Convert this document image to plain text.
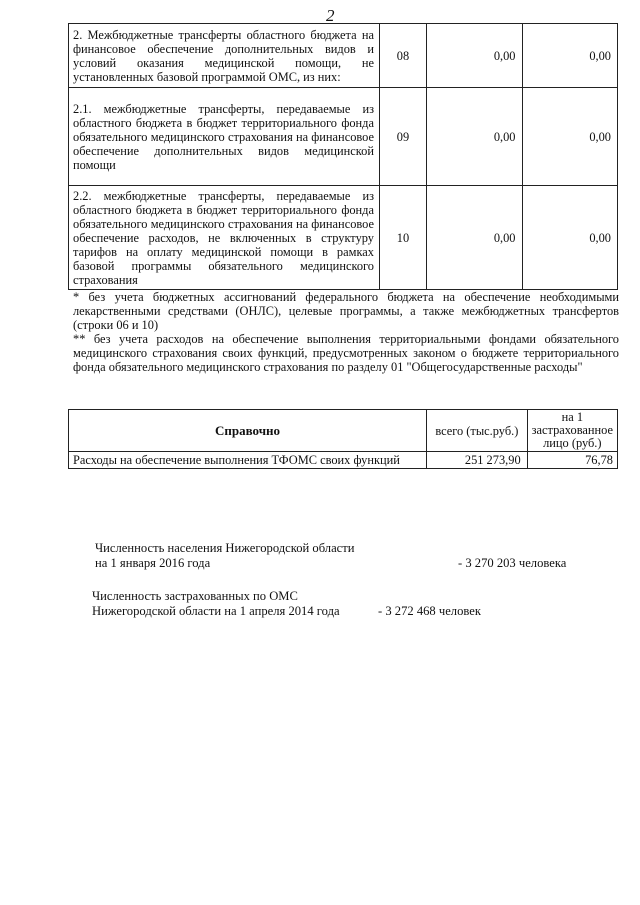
2
2. Межбюджетные трансферты областного бюджета на финансовое обеспечение дополнительных видов и условий оказания медицинской помощи, не установленных базовой программой ОМС, из них:	08	0,00	0,00
2.1. межбюджетные трансферты, передаваемые из областного бюджета в бюджет территориального фонда обязательного медицинского страхования на финансовое обеспечение дополнительных видов медицинской помощи	09	0,00	0,00
2.2. межбюджетные трансферты, передаваемые из областного бюджета в бюджет территориального фонда обязательного медицинского страхования на финансовое обеспечение расходов, не включенных в структуру тарифов на оплату медицинской помощи в рамках базовой программы обязательного медицинского страхования	10	0,00	0,00

* без учета бюджетных ассигнований федерального бюджета на обеспечение необходимыми лекарственными средствами (ОНЛС), целевые программы, а также межбюджетных трансфертов (строки 06 и 10)

** без учета расходов на обеспечение выполнения территориальными фондами обязательного медицинского страхования своих функций, предусмотренных законом о бюджете территориального фонда обязательного медицинского страхования по разделу 01 "Общегосударственные расходы"

Справочно	всего (тыс.руб.)	на 1 застрахованное лицо (руб.)
Расходы на обеспечение выполнения ТФОМС своих функций	251 273,90	76,78
Численность населения Нижегородской области
на 1 января 2016 года	- 3 270 203 человека
Численность застрахованных по ОМС
Нижегородской области на 1 апреля 2014 года	- 3 272 468 человек
